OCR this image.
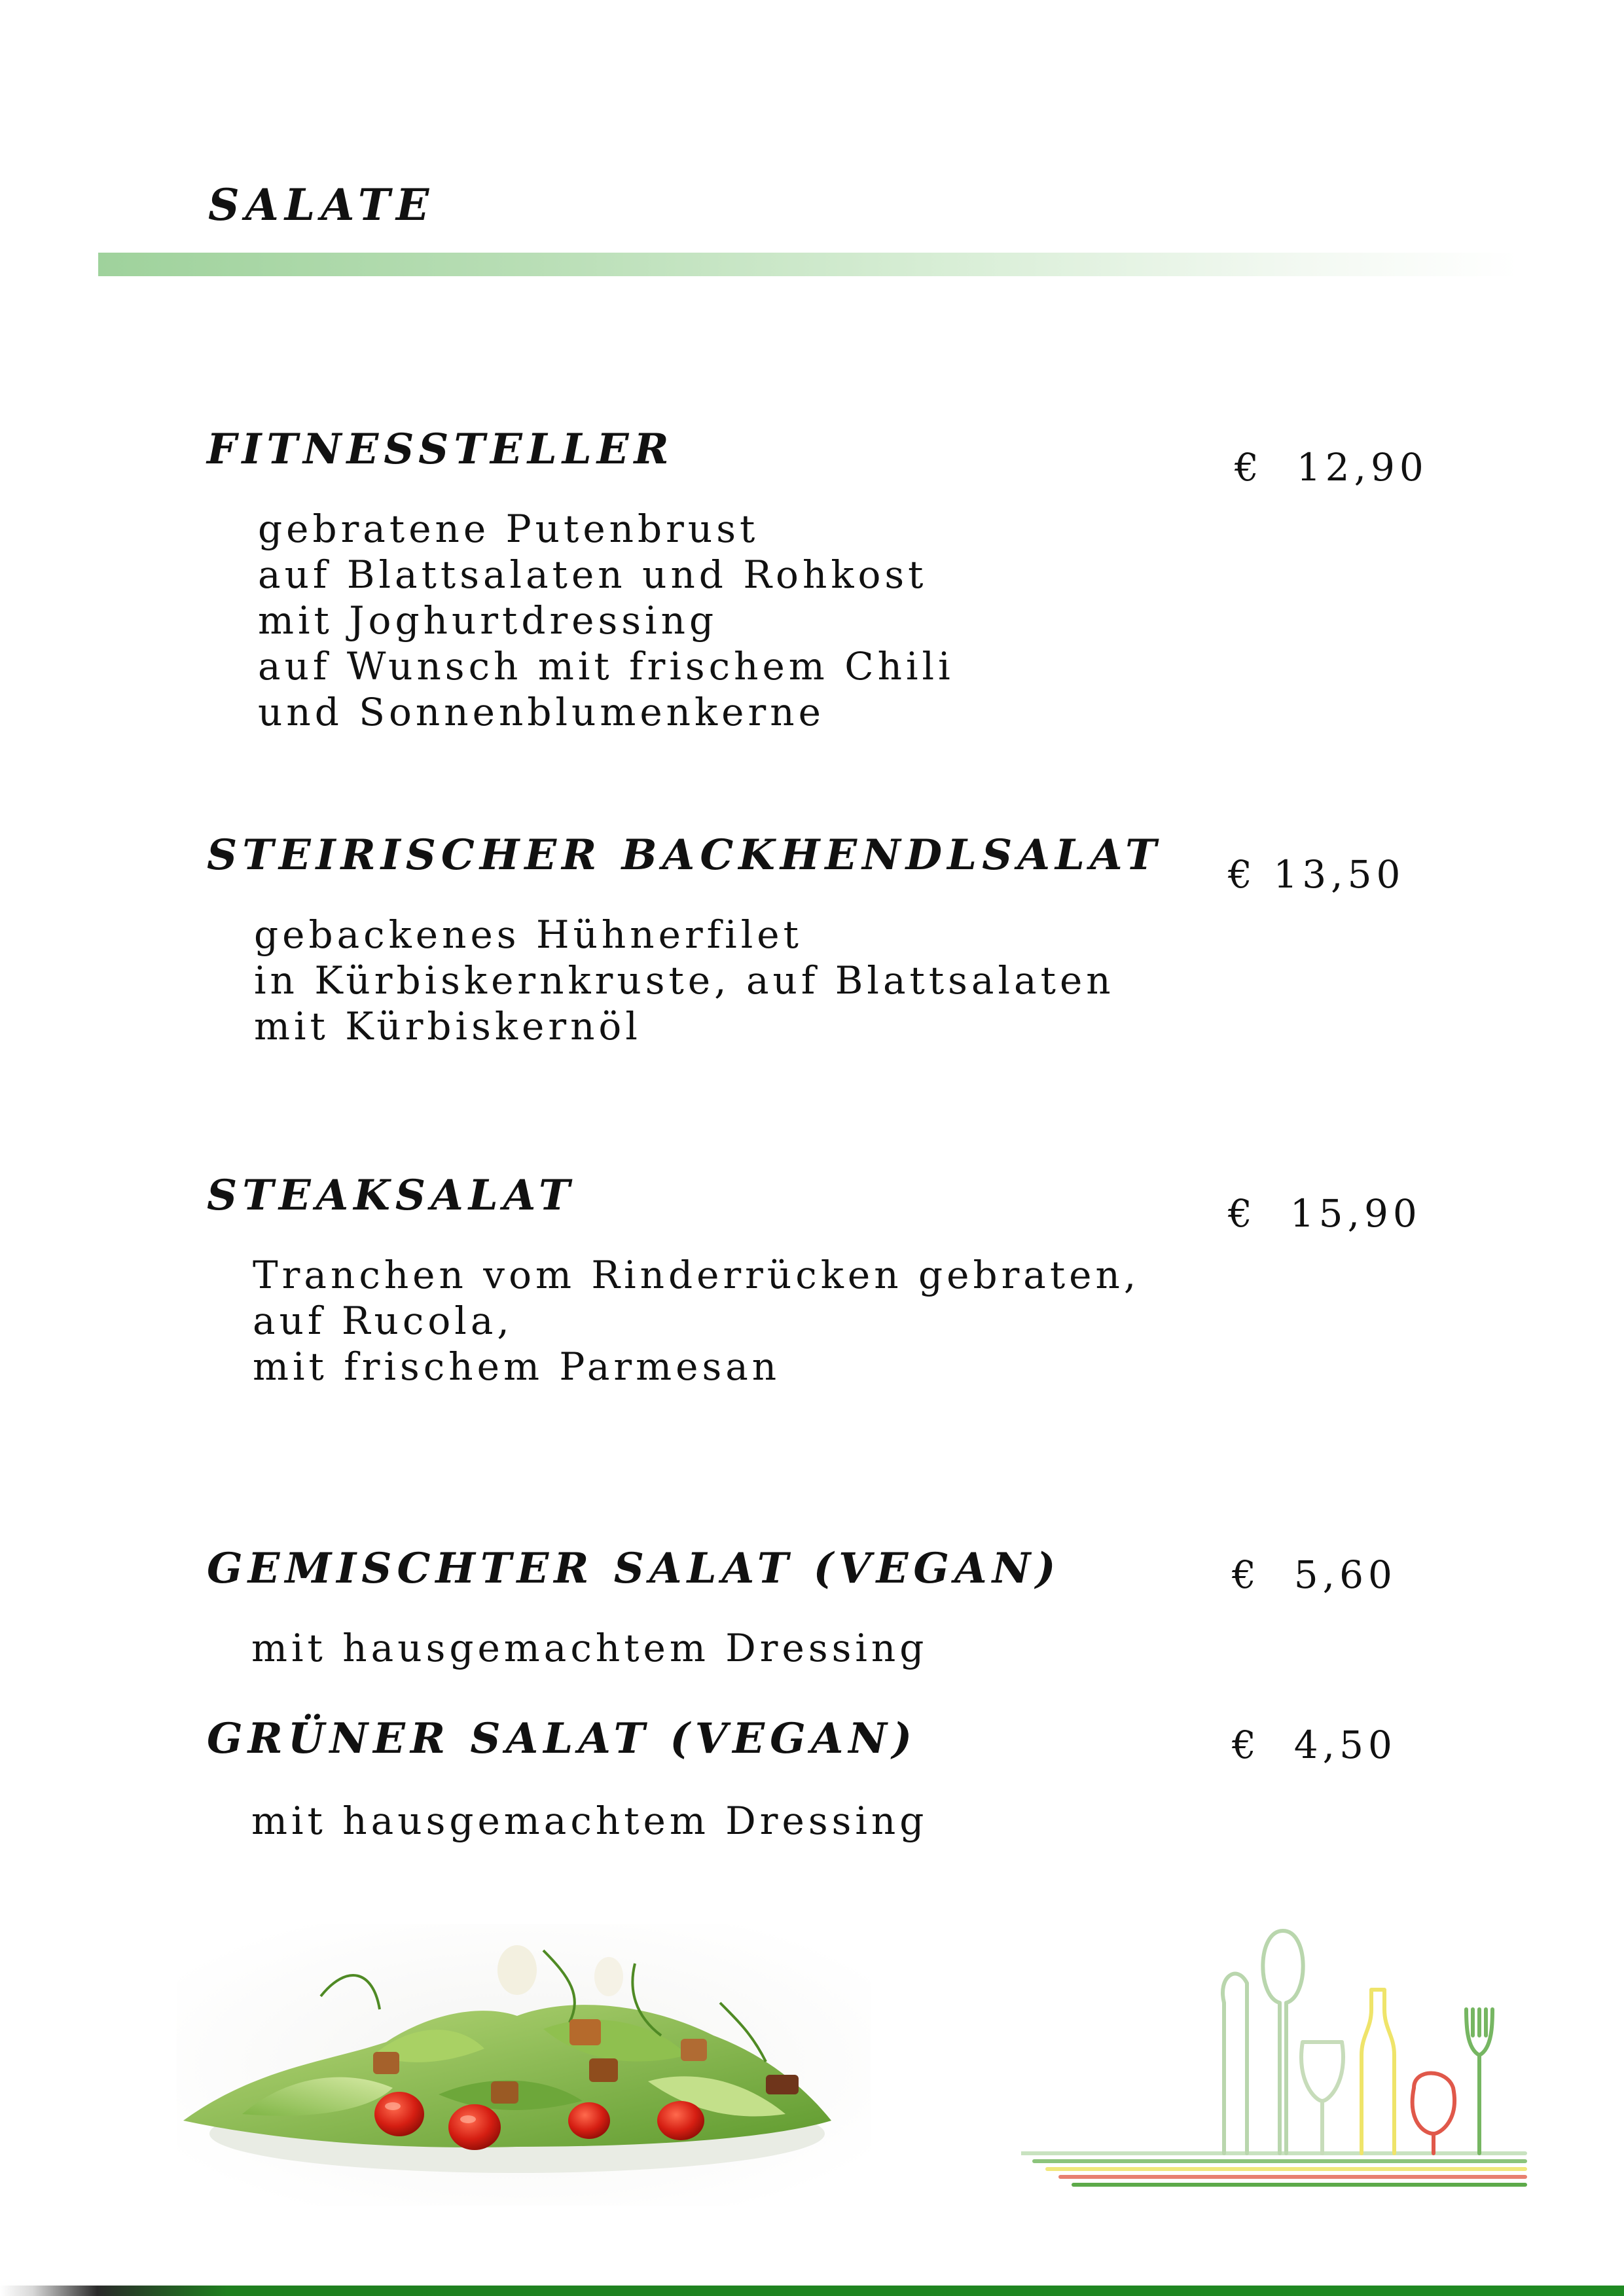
SALATE
FITNESSTELLER	€  12,90
gebratene Putenbrust
auf Blattsalaten und Rohkost
mit Joghurtdressing
auf Wunsch mit frischem Chili
und Sonnenblumenkerne
STEIRISCHER BACKHENDLSALAT	€ 13,50
gebackenes Hühnerfilet
in Kürbiskernkruste, auf Blattsalaten
mit Kürbiskernöl
STEAKSALAT	€  15,90
Tranchen vom Rinderrücken gebraten,
auf Rucola,
mit frischem Parmesan
GEMISCHTER SALAT (VEGAN)	€  5,60
mit hausgemachtem Dressing
GRÜNER SALAT (VEGAN)	€  4,50
mit hausgemachtem Dressing
